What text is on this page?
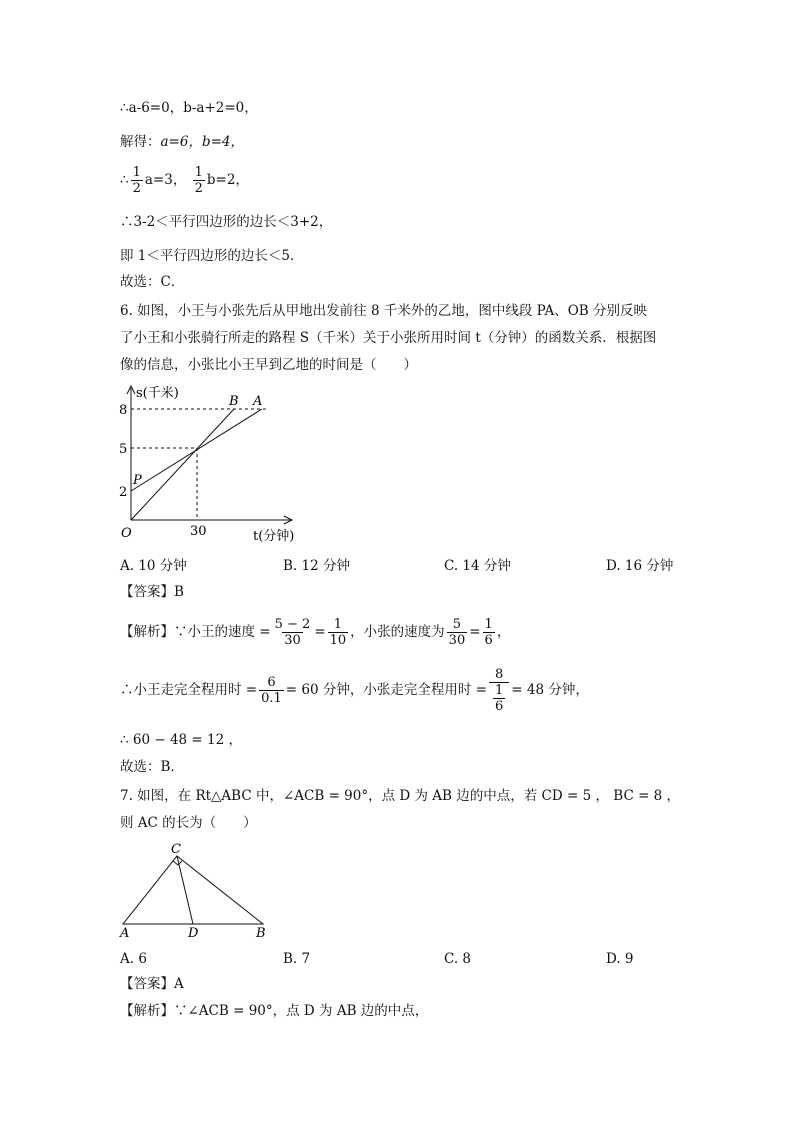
∴a-6=0，b-a+2=0，
解得：a=6，b=4，
∴ $\frac{1}{2} a=3$， $\frac{1}{2} b=2$，
∴3-2＜平行四边形的边长＜3+2，
即 1＜平行四边形的边长＜5．
故选：C．
6. 如图，小王与小张先后从甲地出发前往 8 千米外的乙地，图中线段 PA、OB 分别反映
了小王和小张骑行所走的路程 S（千米）关于小张所用时间 t（分钟）的函数关系．根据图
像的信息，小张比小王早到乙地的时间是（　　）
s(千米)
8
5
2
30
O
P
B A
t(分钟)
A. 10 分钟	B. 12 分钟	C. 14 分钟	D. 16 分钟
【答案】B
【解析】∵小王的速度 = $\frac{5 - 2}{30} = \frac{1}{10}$ ，小张的速度为 $\frac{5}{30} = \frac{1}{6}$ ，
∴小王走完全程用时 = $\frac{6}{0.1} = 60$ 分钟，小张走完全程用时 = $\frac{8}{\frac{1}{6}} = 48$ 分钟，
∴ 60 − 48 = 12 ，
故选：B．
7. 如图，在 Rt△ABC 中，∠ACB = 90°，点 D 为 AB 边的中点，若 CD = 5 ， BC = 8 ，
则 AC 的长为（　　）
C
A	D	B
A. 6	B. 7	C. 8	D. 9
【答案】A
【解析】∵∠ACB = 90°，点 D 为 AB 边的中点，
